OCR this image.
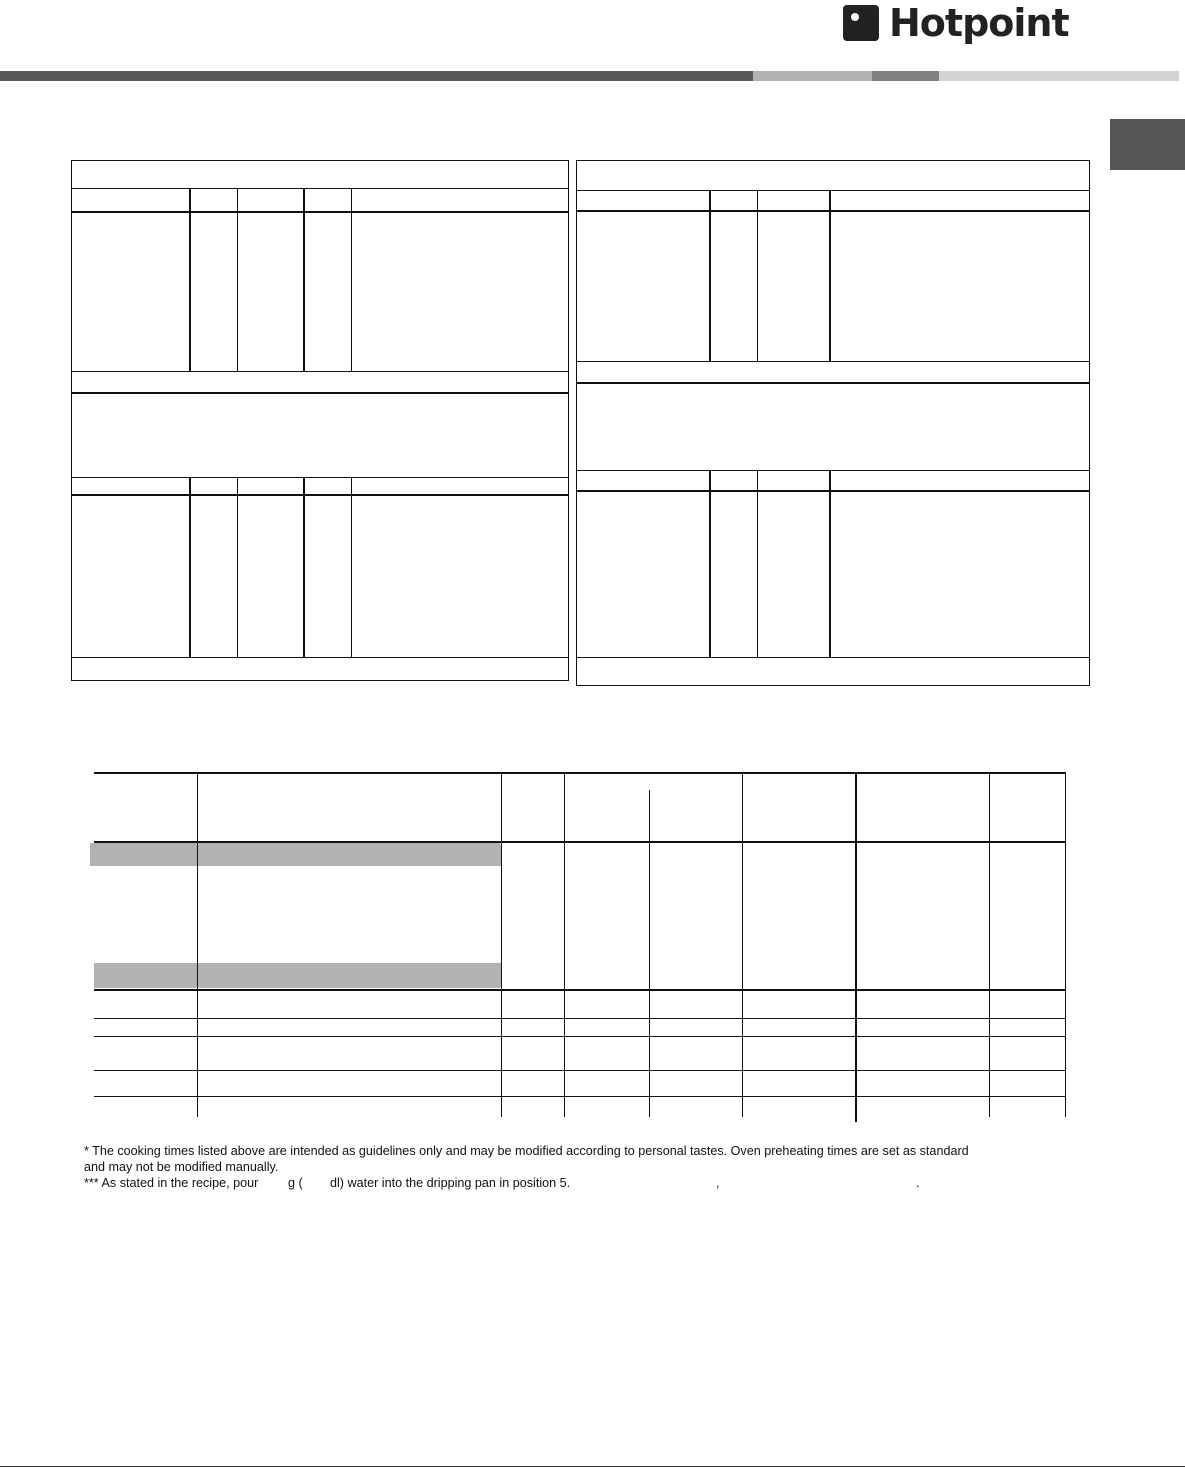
Hotpoint
* The cooking times listed above are intended as guidelines only and may be modified according to personal tastes. Oven preheating times are set as standard
and may not be modified manually.
*** As stated in the recipe, pour g ( dl) water into the dripping pan in position 5.	,	.
